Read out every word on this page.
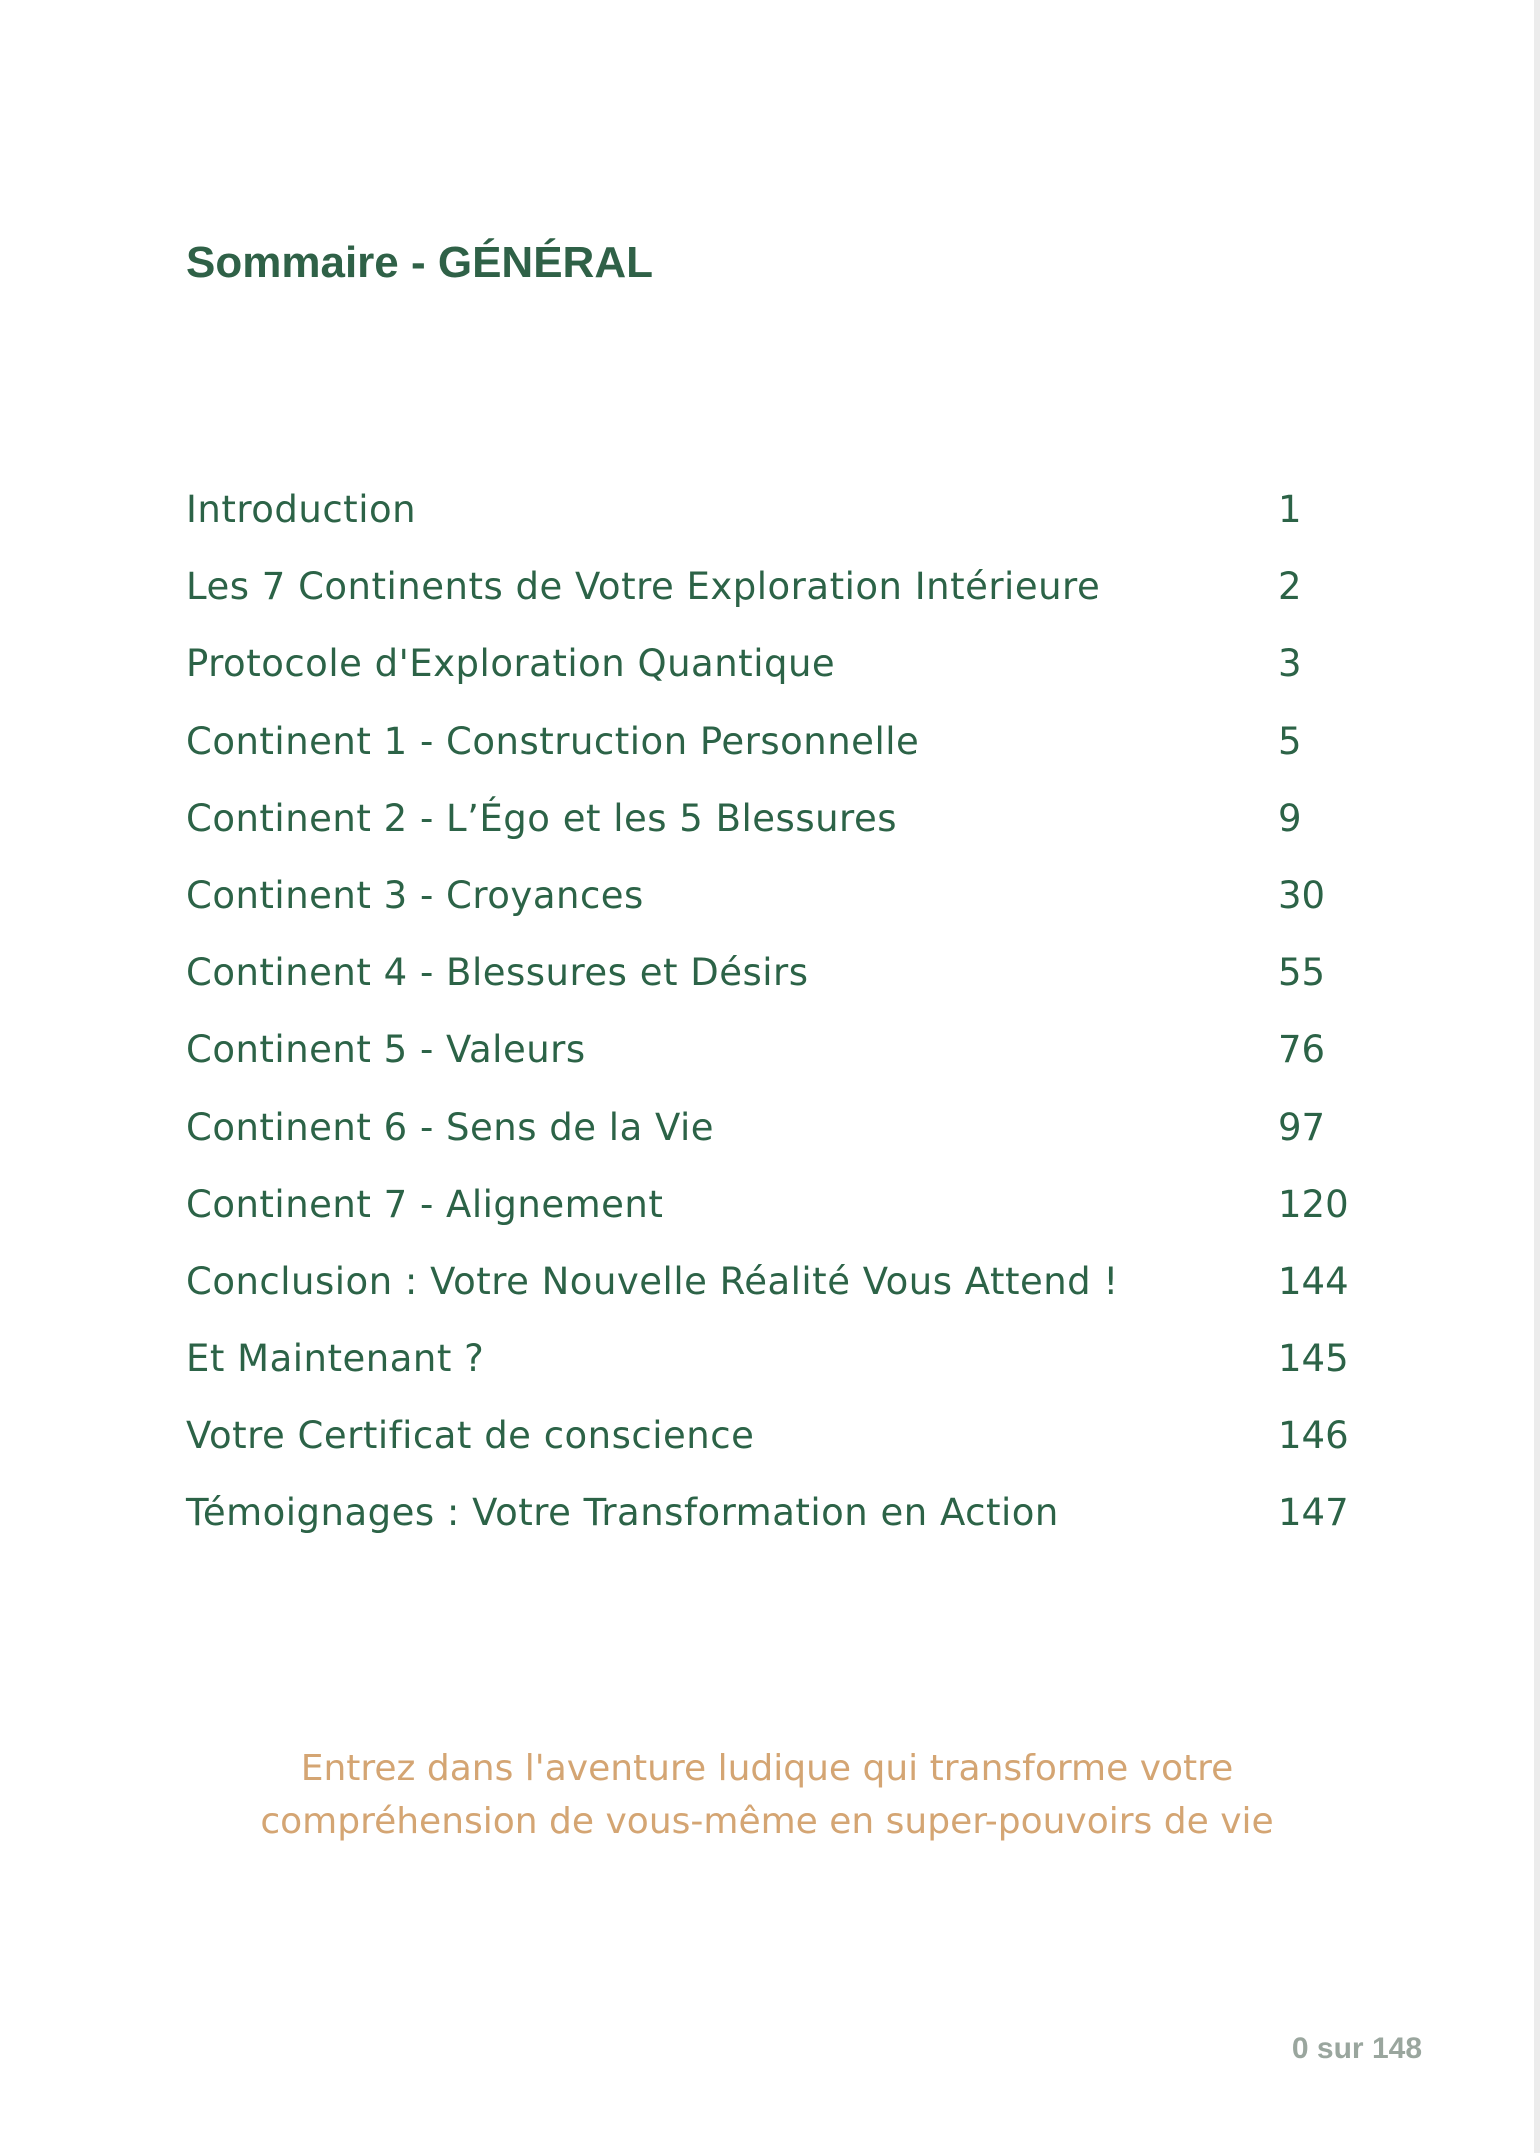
Sommaire - GÉNÉRAL
Introduction	1
Les 7 Continents de Votre Exploration Intérieure	2
Protocole d'Exploration Quantique	3
Continent 1 - Construction Personnelle	5
Continent 2 - L’Égo et les 5 Blessures	9
Continent 3 - Croyances	30
Continent 4 - Blessures et Désirs	55
Continent 5 - Valeurs	76
Continent 6 - Sens de la Vie	97
Continent 7 - Alignement	120
Conclusion : Votre Nouvelle Réalité Vous Attend !	144
Et Maintenant ?	145
Votre Certificat de conscience	146
Témoignages : Votre Transformation en Action	147
Entrez dans l'aventure ludique qui transforme votre
compréhension de vous-même en super-pouvoirs de vie
0 sur 148
